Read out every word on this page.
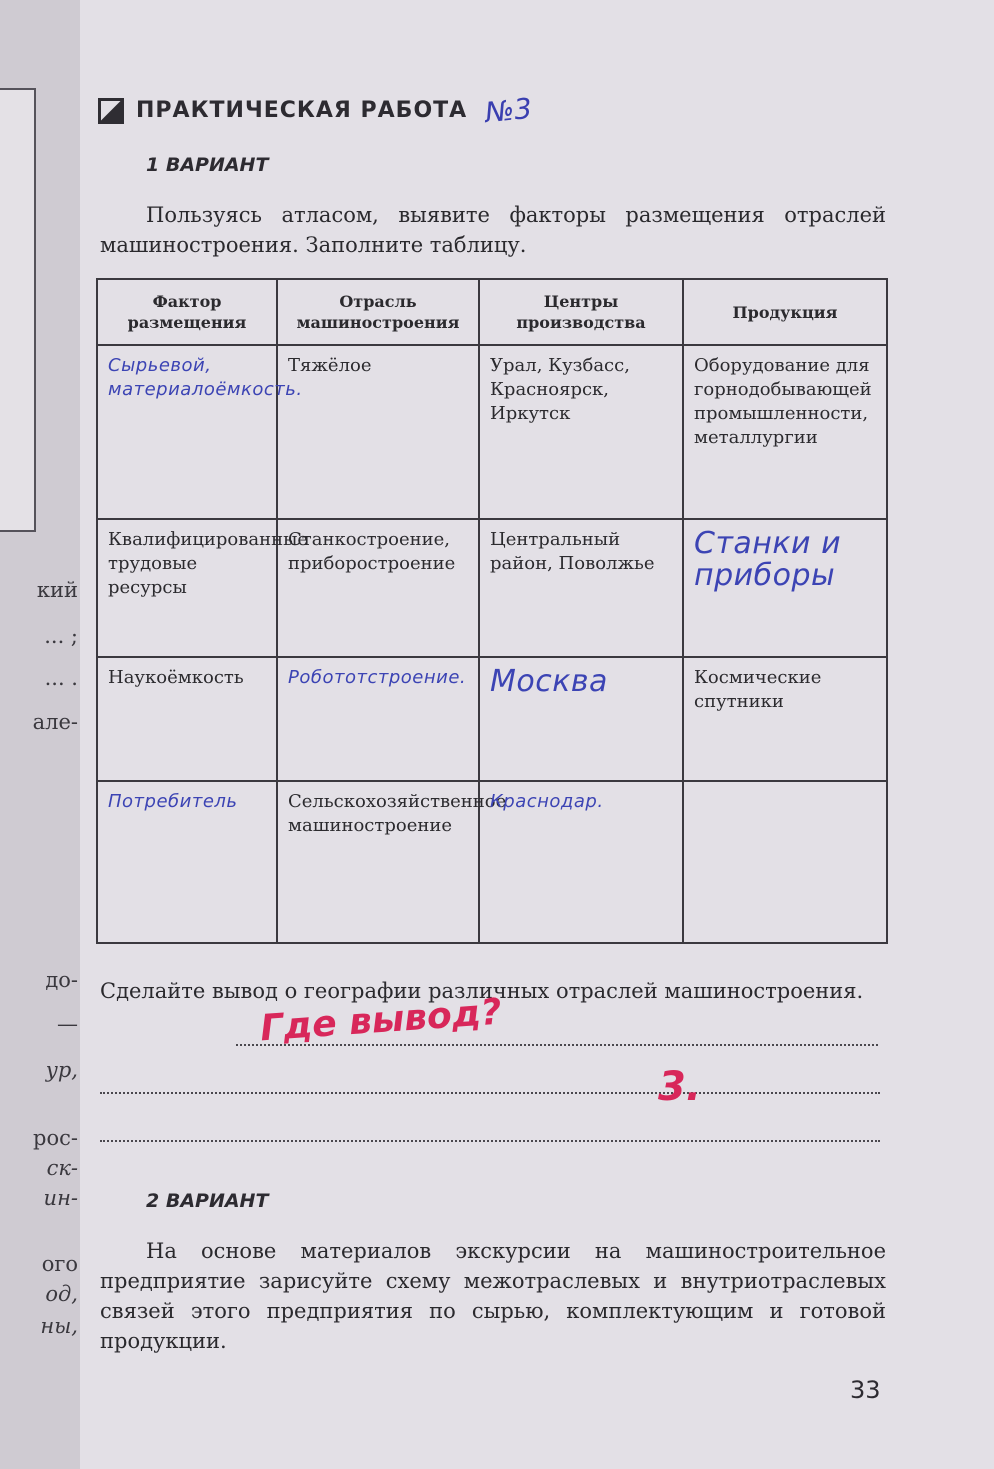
кий
... ;
... .
але-
до-
—
ур,
рос-
ск-
ин-
ого
од,
ны,
ПРАКТИЧЕСКАЯ РАБОТА №3
1 ВАРИАНТ
Пользуясь атласом, выявите факторы размещения отраслей машиностроения. Заполните таблицу.
Фактор размещения	Отрасль машиностроения	Центры производства	Продукция
Сырьевой, материалоёмкость.	Тяжёлое	Урал, Кузбасс, Красноярск, Иркутск	Оборудование для горнодобывающей промышленности, металлургии
Квалифицированные трудовые ресурсы	Станкостроение, приборостроение	Центральный район, Поволжье	Станки и приборы
Наукоёмкость	Робототстроение.	Москва	Космические спутники
Потребитель	Сельскохозяйственное машиностроение	Краснодар.	
Сделайте вывод о географии различных отраслей машиностроения.
Где вывод?
3.
2 ВАРИАНТ
На основе материалов экскурсии на машиностроительное предприятие зарисуйте схему межотраслевых и внутриотраслевых связей этого предприятия по сырью, комплектующим и готовой продукции.
33
